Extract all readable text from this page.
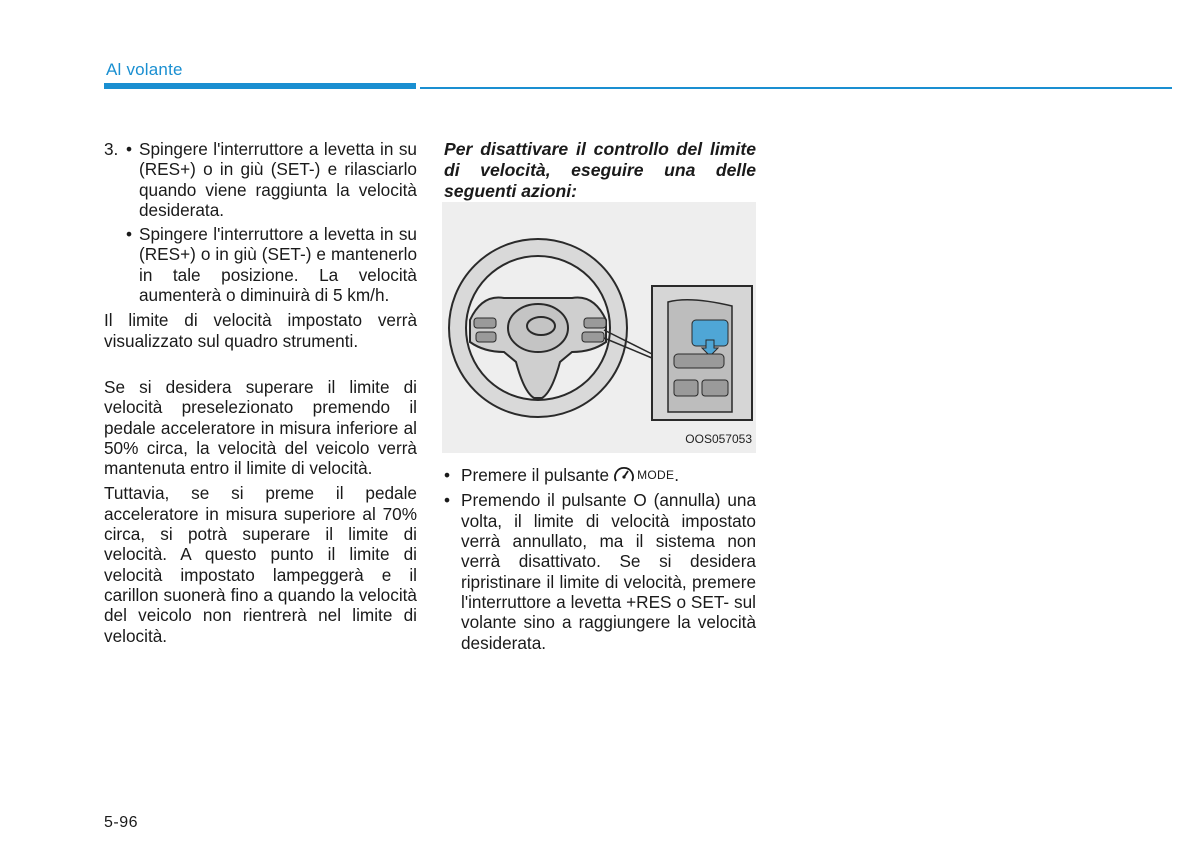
Al volante
3. • Spingere l'interruttore a levetta in su (RES+) o in giù (SET-) e rilasciarlo quando viene raggiunta la velocità desiderata.
• Spingere l'interruttore a levetta in su (RES+) o in giù (SET-) e mantenerlo in tale posizione. La velocità aumenterà o diminuirà di 5 km/h.

Il limite di velocità impostato verrà visualizzato sul quadro strumenti.

Se si desidera superare il limite di velocità preselezionato premendo il pedale acceleratore in misura inferiore al 50% circa, la velocità del veicolo verrà mantenuta entro il limite di velocità.

Tuttavia, se si preme il pedale acceleratore in misura superiore al 70% circa, si potrà superare il limite di velocità. A questo punto il limite di velocità impostato lampeggerà e il carillon suonerà fino a quando la velocità del veicolo non rientrerà nel limite di velocità.

Per disattivare il controllo del limite di velocità, eseguire una delle seguenti azioni:

OOS057053
• Premere il pulsante MODE .
• Premendo il pulsante O (annulla) una volta, il limite di velocità impostato verrà annullato, ma il sistema non verrà disattivato. Se si desidera ripristinare il limite di velocità, premere l'interruttore a levetta +RES o SET- sul volante sino a raggiungere la velocità desiderata.
5-96
